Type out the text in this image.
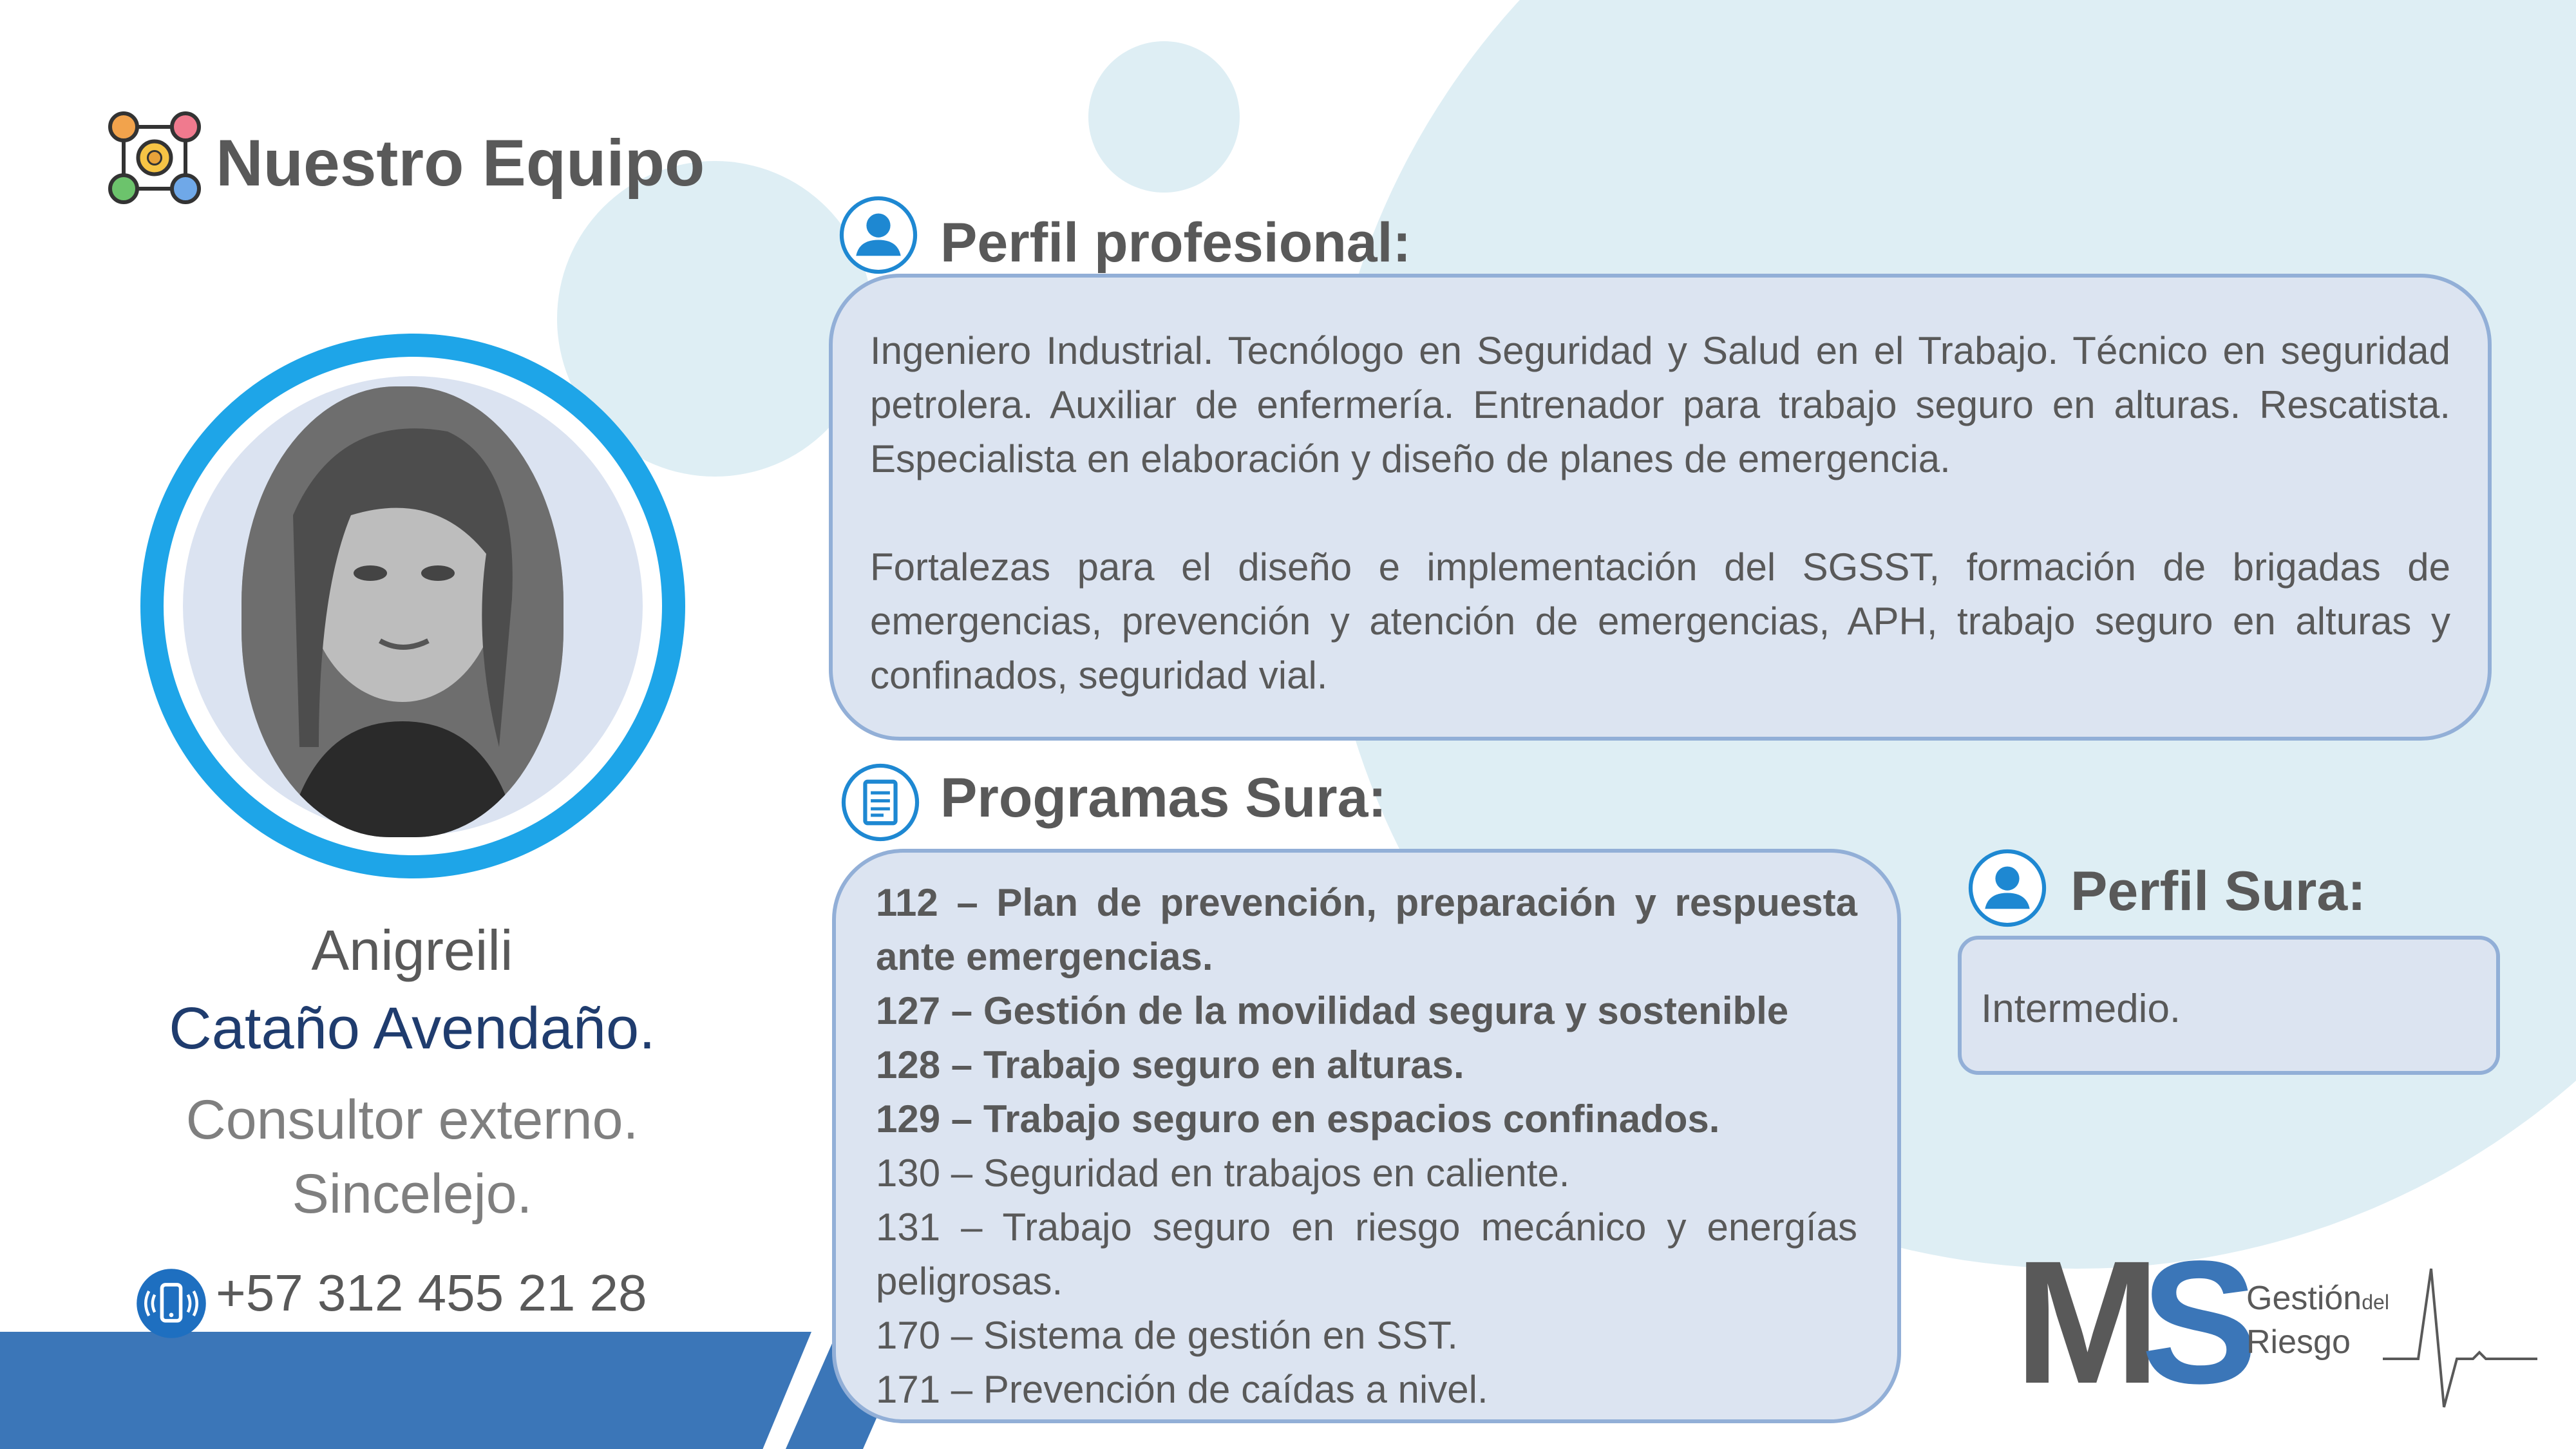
Nuestro Equipo
Anigreili
Cataño Avendaño.
Consultor externo.
Sincelejo.
+57 312 455 21 28
Perfil profesional:

Ingeniero Industrial. Tecnólogo en Seguridad y Salud en el Trabajo. Técnico en seguridad petrolera. Auxiliar de enfermería. Entrenador para trabajo seguro en alturas. Rescatista. Especialista en elaboración y diseño de planes de emergencia.

Fortalezas para el diseño e implementación del SGSST, formación de brigadas de emergencias, prevención y atención de emergencias, APH, trabajo seguro en alturas y confinados, seguridad vial.

Programas Sura:
112 – Plan de prevención, preparación y respuesta ante emergencias.
127 – Gestión de la movilidad segura y sostenible
128 – Trabajo seguro en alturas.
129 – Trabajo seguro en espacios confinados.
130 – Seguridad en trabajos en caliente.
131 – Trabajo seguro en riesgo mecánico y energías peligrosas.
170 – Sistema de gestión en SST.
171 – Prevención de caídas a nivel.
Perfil Sura:
Intermedio.
MS Gestióndel
Riesgo
